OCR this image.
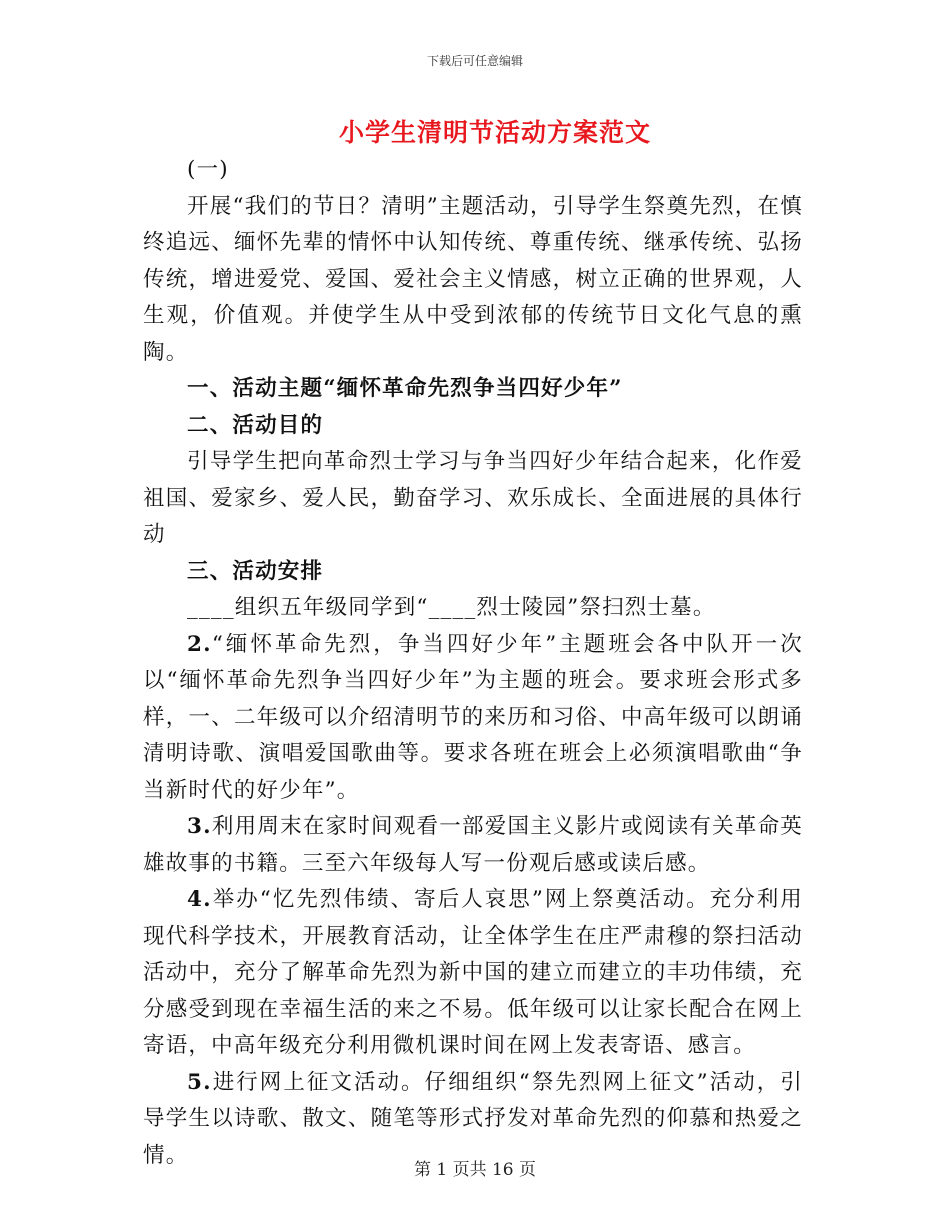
下载后可任意编辑
小学生清明节活动方案范文

(一)

开展“我们的节日？清明”主题活动，引导学生祭奠先烈，在慎终追远、缅怀先辈的情怀中认知传统、尊重传统、继承传统、弘扬传统，增进爱党、爱国、爱社会主义情感，树立正确的世界观，人生观，价值观。并使学生从中受到浓郁的传统节日文化气息的熏陶。

一、活动主题“缅怀革命先烈争当四好少年”

二、活动目的

引导学生把向革命烈士学习与争当四好少年结合起来，化作爱祖国、爱家乡、爱人民，勤奋学习、欢乐成长、全面进展的具体行动

三、活动安排

____组织五年级同学到“____烈士陵园”祭扫烈士墓。

2.“缅怀革命先烈，争当四好少年”主题班会各中队开一次以“缅怀革命先烈争当四好少年”为主题的班会。要求班会形式多样，一、二年级可以介绍清明节的来历和习俗、中高年级可以朗诵清明诗歌、演唱爱国歌曲等。要求各班在班会上必须演唱歌曲“争当新时代的好少年”。

3.利用周末在家时间观看一部爱国主义影片或阅读有关革命英雄故事的书籍。三至六年级每人写一份观后感或读后感。

4.举办“忆先烈伟绩、寄后人哀思”网上祭奠活动。充分利用现代科学技术，开展教育活动，让全体学生在庄严肃穆的祭扫活动活动中，充分了解革命先烈为新中国的建立而建立的丰功伟绩，充分感受到现在幸福生活的来之不易。低年级可以让家长配合在网上寄语，中高年级充分利用微机课时间在网上发表寄语、感言。

5.进行网上征文活动。仔细组织“祭先烈网上征文”活动，引导学生以诗歌、散文、随笔等形式抒发对革命先烈的仰慕和热爱之情。

第 1 页共 16 页
